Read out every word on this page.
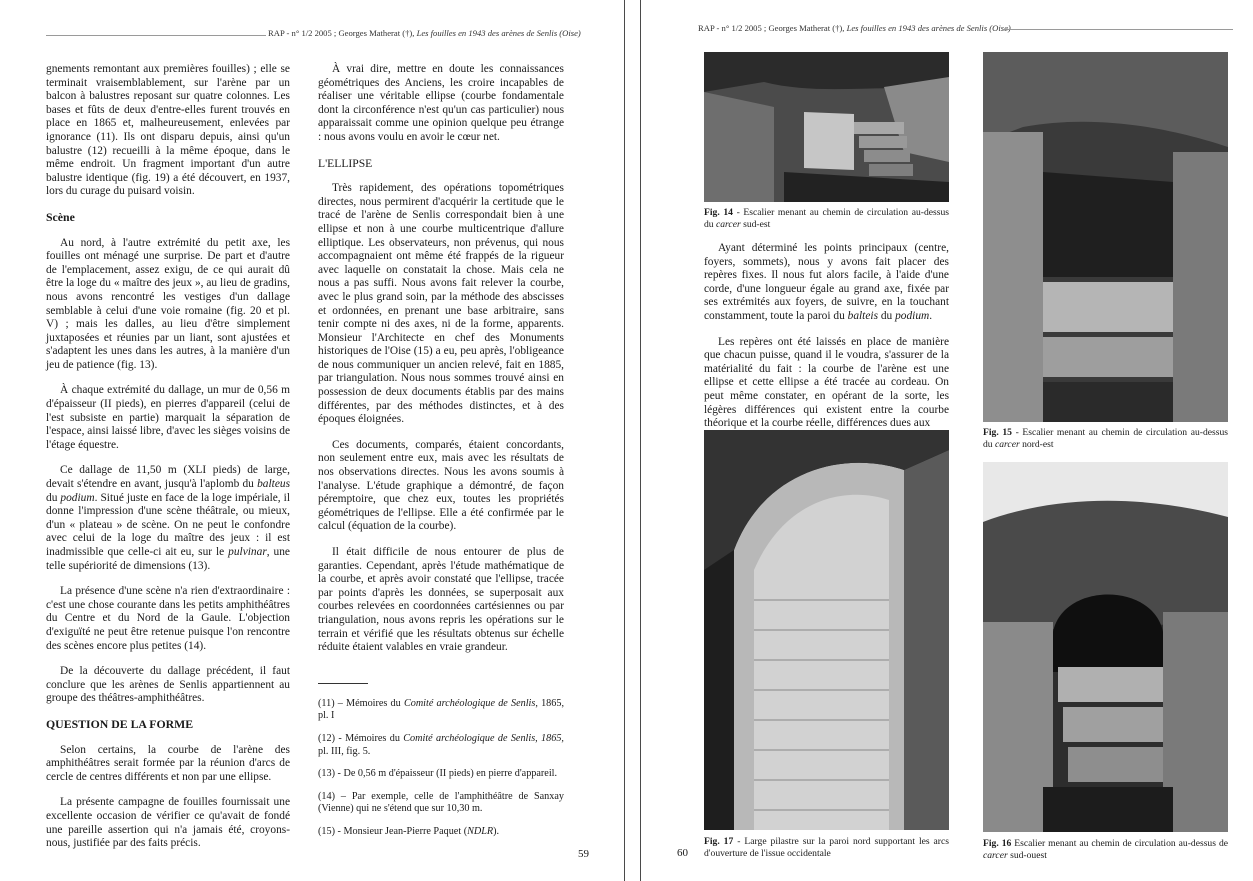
RAP - n° 1/2 2005 ; Georges Matherat (†), Les fouilles en 1943 des arènes de Senlis (Oise)

gnements remontant aux premières fouilles) ; elle se terminait vraisemblablement, sur l'arène par un balcon à balustres reposant sur quatre colonnes. Les bases et fûts de deux d'entre-elles furent trouvés en place en 1865 et, malheureusement, enlevées par ignorance (11). Ils ont disparu depuis, ainsi qu'un balustre (12) recueilli à la même époque, dans le même endroit. Un fragment important d'un autre balustre identique (fig. 19) a été découvert, en 1937, lors du curage du puisard voisin.

Scène

Au nord, à l'autre extrémité du petit axe, les fouilles ont ménagé une surprise. De part et d'autre de l'emplacement, assez exigu, de ce qui aurait dû être la loge du « maître des jeux », au lieu de gradins, nous avons rencontré les vestiges d'un dallage semblable à celui d'une voie romaine (fig. 20 et pl. V) ; mais les dalles, au lieu d'être simplement juxtaposées et réunies par un liant, sont ajustées et s'adaptent les unes dans les autres, à la manière d'un jeu de patience (fig. 13).

À chaque extrémité du dallage, un mur de 0,56 m d'épaisseur (II pieds), en pierres d'appareil (celui de l'est subsiste en partie) marquait la séparation de l'espace, ainsi laissé libre, d'avec les sièges voisins de l'étage équestre.

Ce dallage de 11,50 m (XLI pieds) de large, devait s'étendre en avant, jusqu'à l'aplomb du balteus du podium. Situé juste en face de la loge impériale, il donne l'impression d'une scène théâtrale, ou mieux, d'un « plateau » de scène. On ne peut le confondre avec celui de la loge du maître des jeux : il est inadmissible que celle-ci ait eu, sur le pulvinar, une telle supériorité de dimensions (13).

La présence d'une scène n'a rien d'extraordinaire : c'est une chose courante dans les petits amphithéâtres du Centre et du Nord de la Gaule. L'objection d'exiguïté ne peut être retenue puisque l'on rencontre des scènes encore plus petites (14).

De la découverte du dallage précédent, il faut conclure que les arènes de Senlis appartiennent au groupe des théâtres-amphithéâtres.

QUESTION DE LA FORME

Selon certains, la courbe de l'arène des amphithéâtres serait formée par la réunion d'arcs de cercle de centres différents et non par une ellipse.

La présente campagne de fouilles fournissait une excellente occasion de vérifier ce qu'avait de fondé une pareille assertion qui n'a jamais été, croyons-nous, justifiée par des faits précis.

À vrai dire, mettre en doute les connaissances géométriques des Anciens, les croire incapables de réaliser une véritable ellipse (courbe fondamentale dont la circonférence n'est qu'un cas particulier) nous apparaissait comme une opinion quelque peu étrange : nous avons voulu en avoir le cœur net.

L'ELLIPSE

Très rapidement, des opérations topométriques directes, nous permirent d'acquérir la certitude que le tracé de l'arène de Senlis correspondait bien à une ellipse et non à une courbe multicentrique d'allure elliptique. Les observateurs, non prévenus, qui nous accompagnaient ont même été frappés de la rigueur avec laquelle on constatait la chose. Mais cela ne nous a pas suffi. Nous avons fait relever la courbe, avec le plus grand soin, par la méthode des abscisses et ordonnées, en prenant une base arbitraire, sans tenir compte ni des axes, ni de la forme, apparents. Monsieur l'Architecte en chef des Monuments historiques de l'Oise (15) a eu, peu après, l'obligeance de nous communiquer un ancien relevé, fait en 1885, par triangulation. Nous nous sommes trouvé ainsi en possession de deux documents établis par des mains différentes, par des méthodes distinctes, et à des époques éloignées.

Ces documents, comparés, étaient concordants, non seulement entre eux, mais avec les résultats de nos observations directes. Nous les avons soumis à l'analyse. L'étude graphique a démontré, de façon péremptoire, que chez eux, toutes les propriétés géométriques de l'ellipse. Elle a été confirmée par le calcul (équation de la courbe).

Il était difficile de nous entourer de plus de garanties. Cependant, après l'étude mathématique de la courbe, et après avoir constaté que l'ellipse, tracée par points d'après les données, se superposait aux courbes relevées en coordonnées cartésiennes ou par triangulation, nous avons repris les opérations sur le terrain et vérifié que les résultats obtenus sur échelle réduite étaient valables en vraie grandeur.

(11) – Mémoires du Comité archéologique de Senlis, 1865, pl. I
(12) - Mémoires du Comité archéologique de Senlis, 1865, pl. III, fig. 5.
(13) - De 0,56 m d'épaisseur (II pieds) en pierre d'appareil.
(14) – Par exemple, celle de l'amphithéâtre de Sanxay (Vienne) qui ne s'étend que sur 10,30 m.
(15) - Monsieur Jean-Pierre Paquet (NDLR).
59
RAP - n° 1/2 2005 ; Georges Matherat (†), Les fouilles en 1943 des arènes de Senlis (Oise)
Fig. 14 - Escalier menant au chemin de circulation au-dessus du carcer sud-est

Ayant déterminé les points principaux (centre, foyers, sommets), nous y avons fait placer des repères fixes. Il nous fut alors facile, à l'aide d'une corde, d'une longueur égale au grand axe, fixée par ses extrémités aux foyers, de suivre, en la touchant constamment, toute la paroi du balteis du podium.

Les repères ont été laissés en place de manière que chacun puisse, quand il le voudra, s'assurer de la matérialité du fait : la courbe de l'arène est une ellipse et cette ellipse a été tracée au cordeau. On peut même constater, en opérant de la sorte, les légères différences qui existent entre la courbe théorique et la courbe réelle, différences dues aux

Fig. 15 - Escalier menant au chemin de circulation au-dessus du carcer nord-est
Fig. 17 - Large pilastre sur la paroi nord supportant les arcs d'ouverture de l'issue occidentale
Fig. 16 Escalier menant au chemin de circulation au-dessus de carcer sud-ouest
60
